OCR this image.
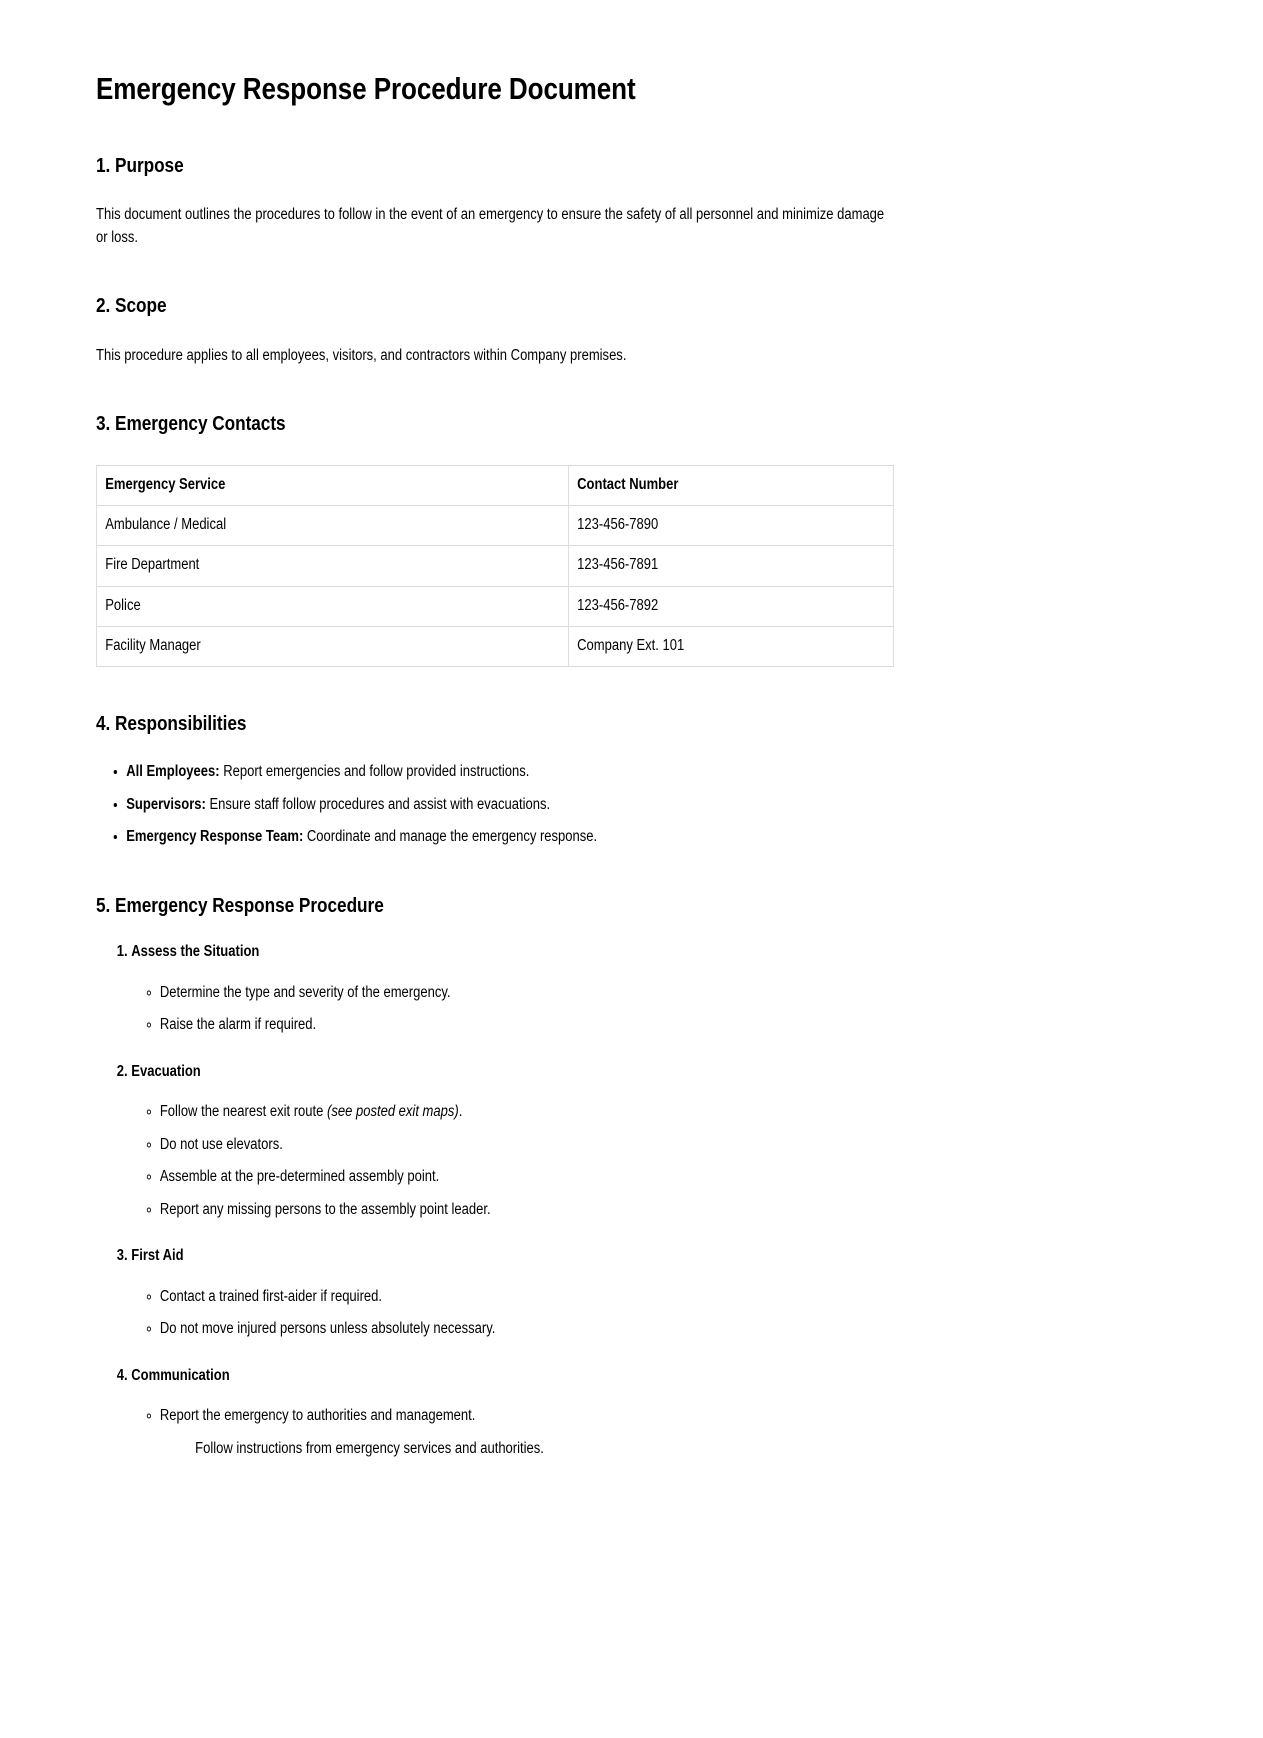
Emergency Response Procedure Document
1. Purpose

This document outlines the procedures to follow in the event of an emergency to ensure the safety of all personnel and minimize damage or loss.

2. Scope

This procedure applies to all employees, visitors, and contractors within Company premises.

3. Emergency Contacts
Emergency Service	Contact Number
Ambulance / Medical	123-456-7890
Fire Department	123-456-7891
Police	123-456-7892
Facility Manager	Company Ext. 101
4. Responsibilities
• All Employees: Report emergencies and follow provided instructions.
• Supervisors: Ensure staff follow procedures and assist with evacuations.
• Emergency Response Team: Coordinate and manage the emergency response.
5. Emergency Response Procedure
1. Assess the Situation
◦ Determine the type and severity of the emergency.
◦ Raise the alarm if required.
2. Evacuation
◦ Follow the nearest exit route (see posted exit maps).
◦ Do not use elevators.
◦ Assemble at the pre-determined assembly point.
◦ Report any missing persons to the assembly point leader.
3. First Aid
◦ Contact a trained first-aider if required.
◦ Do not move injured persons unless absolutely necessary.
4. Communication
◦ Report the emergency to authorities and management.
Follow instructions from emergency services and authorities.
